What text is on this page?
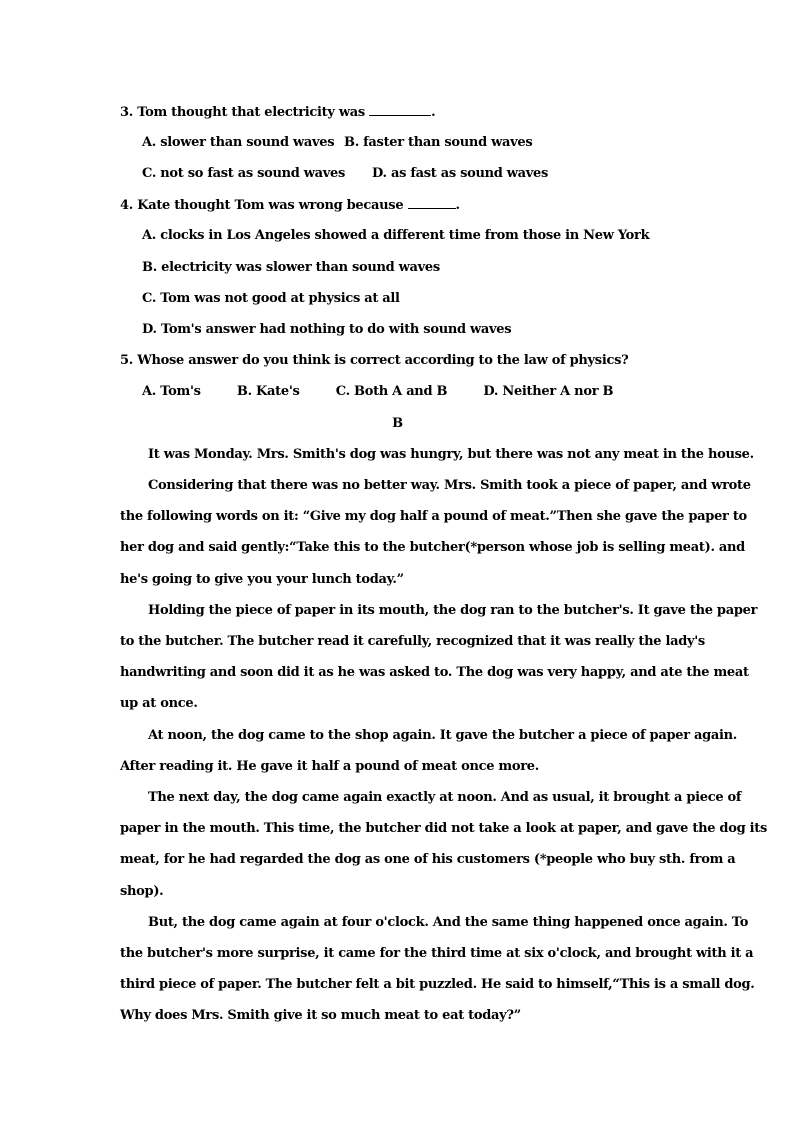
3. Tom thought that electricity was	.
A. slower than sound waves B. faster than sound waves
C. not so fast as sound waves D. as fast as sound waves
4. Kate thought Tom was wrong because	.
A. clocks in Los Angeles showed a different time from those in New York
B. electricity was slower than sound waves
C. Tom was not good at physics at all
D. Tom's answer had nothing to do with sound waves
5. Whose answer do you think is correct according to the law of physics?
A. Tom's	B. Kate's	C. Both A and B	D. Neither A nor B
B
It was Monday. Mrs. Smith's dog was hungry, but there was not any meat in the house.
Considering that there was no better way. Mrs. Smith took a piece of paper, and wrote
the following words on it: “Give my dog half a pound of meat.”Then she gave the paper to
her dog and said gently:“Take this to the butcher(*person whose job is selling meat). and
he's going to give you your lunch today.”
Holding the piece of paper in its mouth, the dog ran to the butcher's. It gave the paper
to the butcher. The butcher read it carefully, recognized that it was really the lady's
handwriting and soon did it as he was asked to. The dog was very happy, and ate the meat
up at once.
At noon, the dog came to the shop again. It gave the butcher a piece of paper again.
After reading it. He gave it half a pound of meat once more.
The next day, the dog came again exactly at noon. And as usual, it brought a piece of
paper in the mouth. This time, the butcher did not take a look at paper, and gave the dog its
meat, for he had regarded the dog as one of his customers (*people who buy sth. from a
shop).
But, the dog came again at four o'clock. And the same thing happened once again. To
the butcher's more surprise, it came for the third time at six o'clock, and brought with it a
third piece of paper. The butcher felt a bit puzzled. He said to himself,“This is a small dog.
Why does Mrs. Smith give it so much meat to eat today?”
